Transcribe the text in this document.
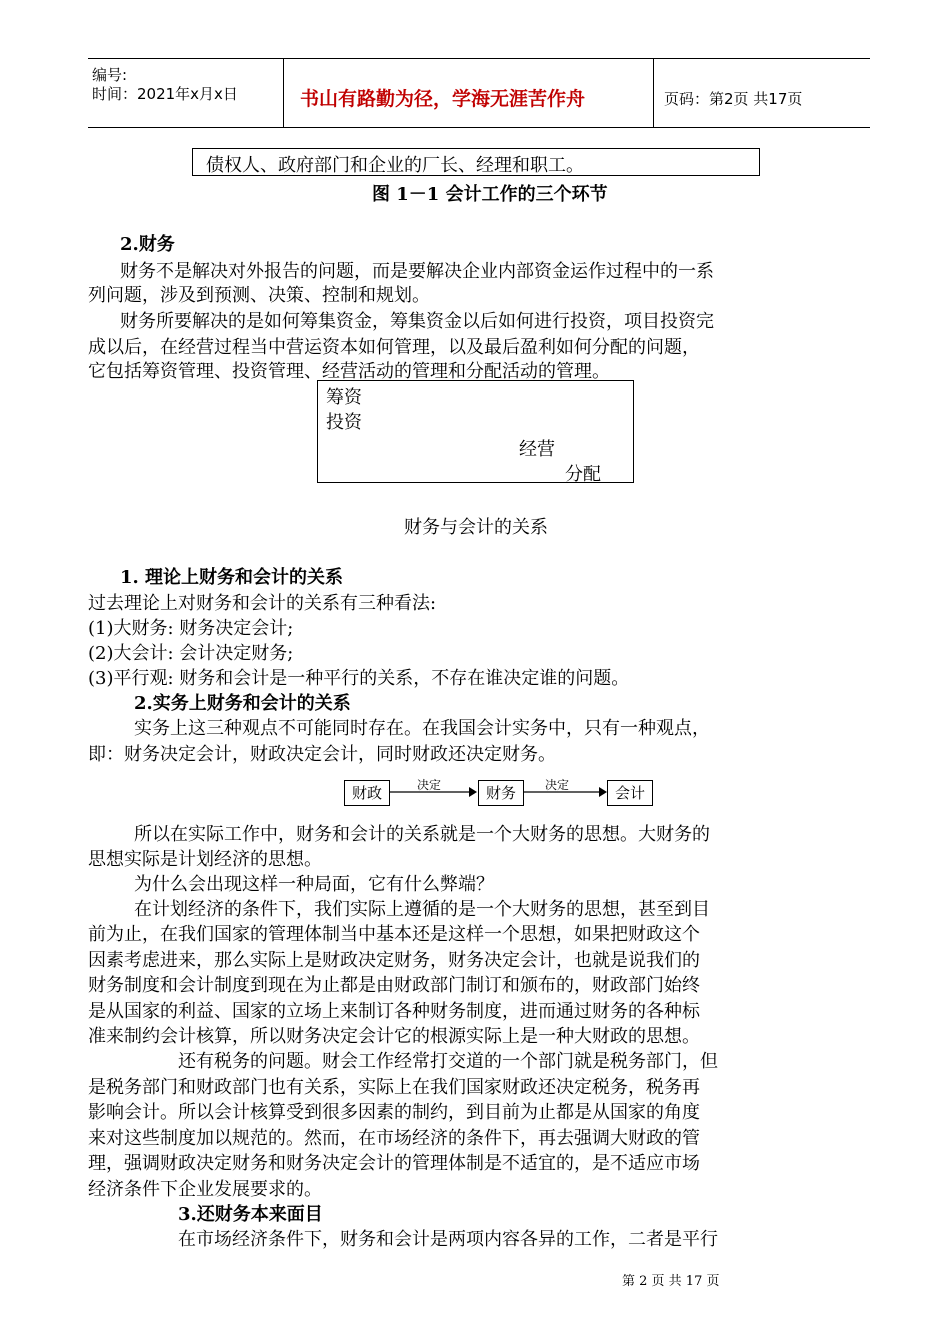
编号:
时间：2021年x月x日	书山有路勤为径，学海无涯苦作舟	页码：第2页 共17页
债权人、政府部门和企业的厂长、经理和职工。
图 1－1 会计工作的三个环节
2.财务
财务不是解决对外报告的问题，而是要解决企业内部资金运作过程中的一系
列问题，涉及到预测、决策、控制和规划。
财务所要解决的是如何筹集资金，筹集资金以后如何进行投资，项目投资完
成以后，在经营过程当中营运资本如何管理，以及最后盈利如何分配的问题，
它包括筹资管理、投资管理、经营活动的管理和分配活动的管理。
筹资
投资
经营
分配
财务与会计的关系
1. 理论上财务和会计的关系
过去理论上对财务和会计的关系有三种看法:
(1)大财务: 财务决定会计;
(2)大会计: 会计决定财务;
(3)平行观: 财务和会计是一种平行的关系，不存在谁决定谁的问题。
2.实务上财务和会计的关系
实务上这三种观点不可能同时存在。在我国会计实务中，只有一种观点，
即：财务决定会计，财政决定会计，同时财政还决定财务。
财政	决定	财务	决定	会计
所以在实际工作中，财务和会计的关系就是一个大财务的思想。大财务的
思想实际是计划经济的思想。
为什么会出现这样一种局面，它有什么弊端？
在计划经济的条件下，我们实际上遵循的是一个大财务的思想，甚至到目
前为止，在我们国家的管理体制当中基本还是这样一个思想，如果把财政这个
因素考虑进来，那么实际上是财政决定财务，财务决定会计，也就是说我们的
财务制度和会计制度到现在为止都是由财政部门制订和颁布的，财政部门始终
是从国家的利益、国家的立场上来制订各种财务制度，进而通过财务的各种标
准来制约会计核算，所以财务决定会计它的根源实际上是一种大财政的思想。
还有税务的问题。财会工作经常打交道的一个部门就是税务部门，但
是税务部门和财政部门也有关系，实际上在我们国家财政还决定税务，税务再
影响会计。所以会计核算受到很多因素的制约，到目前为止都是从国家的角度
来对这些制度加以规范的。然而，在市场经济的条件下，再去强调大财政的管
理，强调财政决定财务和财务决定会计的管理体制是不适宜的，是不适应市场
经济条件下企业发展要求的。
3.还财务本来面目
在市场经济条件下，财务和会计是两项内容各异的工作，二者是平行
第 2 页 共 17 页
